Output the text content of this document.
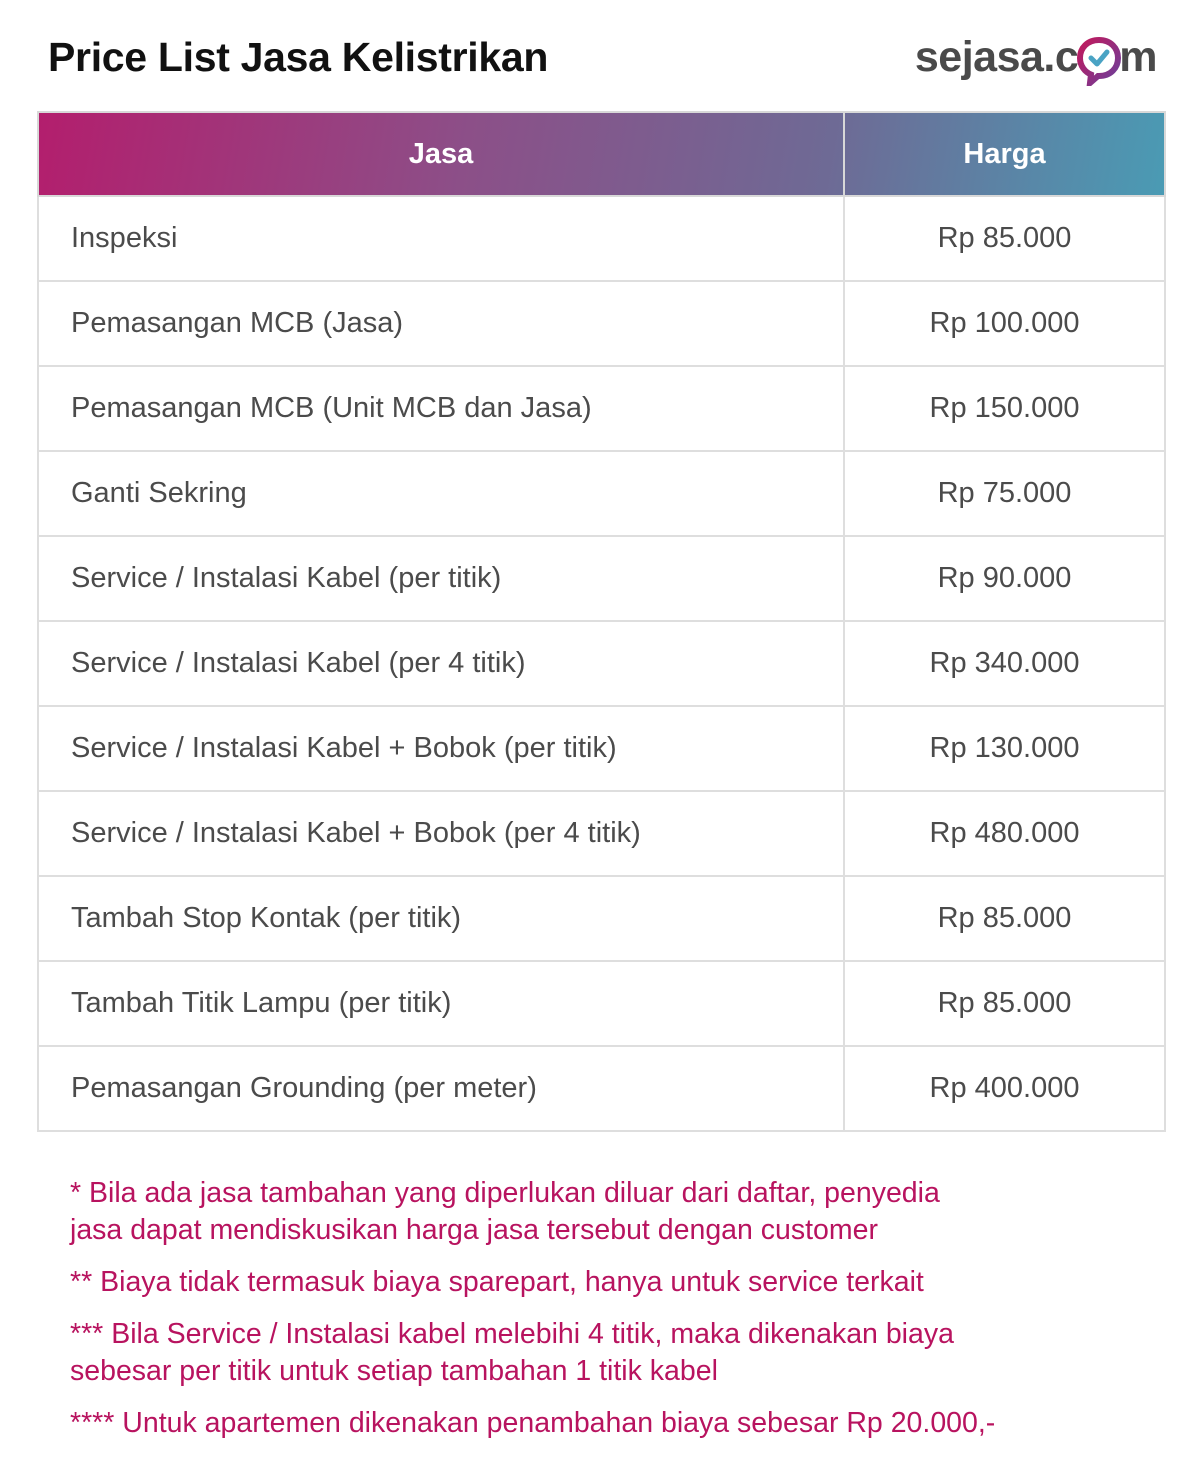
Price List Jasa Kelistrikan	sejasa.c m
Jasa	Harga
Inspeksi	Rp 85.000
Pemasangan MCB (Jasa)	Rp 100.000
Pemasangan MCB (Unit MCB dan Jasa)	Rp 150.000
Ganti Sekring	Rp 75.000
Service / Instalasi Kabel (per titik)	Rp 90.000
Service / Instalasi Kabel (per 4 titik)	Rp 340.000
Service / Instalasi Kabel + Bobok (per titik)	Rp 130.000
Service / Instalasi Kabel + Bobok (per 4 titik)	Rp 480.000
Tambah Stop Kontak (per titik)	Rp 85.000
Tambah Titik Lampu (per titik)	Rp 85.000
Pemasangan Grounding (per meter)	Rp 400.000

* Bila ada jasa tambahan yang diperlukan diluar dari daftar, penyedia
jasa dapat mendiskusikan harga jasa tersebut dengan customer

** Biaya tidak termasuk biaya sparepart, hanya untuk service terkait

*** Bila Service / Instalasi kabel melebihi 4 titik, maka dikenakan biaya
sebesar per titik untuk setiap tambahan 1 titik kabel

**** Untuk apartemen dikenakan penambahan biaya sebesar Rp 20.000,-
